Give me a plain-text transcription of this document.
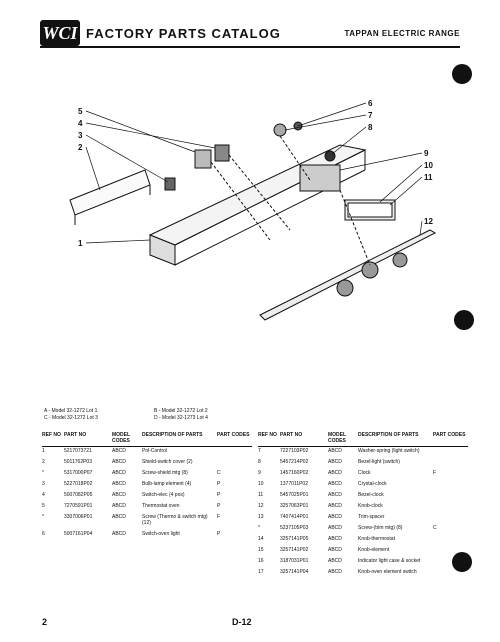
WCI FACTORY PARTS CATALOG	TAPPAN ELECTRIC RANGE
5
4
3
2
1
6
7
8
9
10
11
12
A - Model 32-1272 Lot 1
C - Model 32-1272 Lot 3
B - Model 32-1272 Lot 2
D - Model 32-1273 Lot 4
REF NO	PART NO	MODEL CODES	DESCRIPTION OF PARTS	PART CODES
1	5217073721	ABCD	Pnl-Control	
2	5011762P03	ABCD	Shield-switch cover (2)	
*	5317000P07	ABCD	Screw-shield mtg (8)	C
3	5227018P02	ABCD	Bulb-lamp element (4)	P
4	5007082P05	ABCD	Switch-elec (4 pos)	P
5	7270591P01	ABCD	Thermostat oven	P
*	3307006P01	ABCD	Screw (Thermo & switch mtg) (12)	F
6	5007161P04	ABCD	Switch-oven light	P
REF NO	PART NO	MODEL CODES	DESCRIPTION OF PARTS	PART CODES
7	7227103P02	ABCD	Washer-spring (light switch)	
8	5457214P02	ABCD	Bezel-light (switch)	
9	1457160P02	ABCD	Clock	F
10	1377011P02	ABCD	Crystal-clock	
11	5457025P01	ABCD	Bezel-clock	
12	3257063P01	ABCD	Knob-clock	
13	7407414P01	ABCD	Trim-spacer	
*	5237105P03	ABCD	Screw-(trim mtg) (8)	C
14	3257141P05	ABCD	Knob-thermostat	
15	3257141P02	ABCD	Knob-element	
16	3187031P01	ABCD	Indicator light case & socket	
17	3257141P04	ABCD	Knob-oven element switch	
2	D-12
